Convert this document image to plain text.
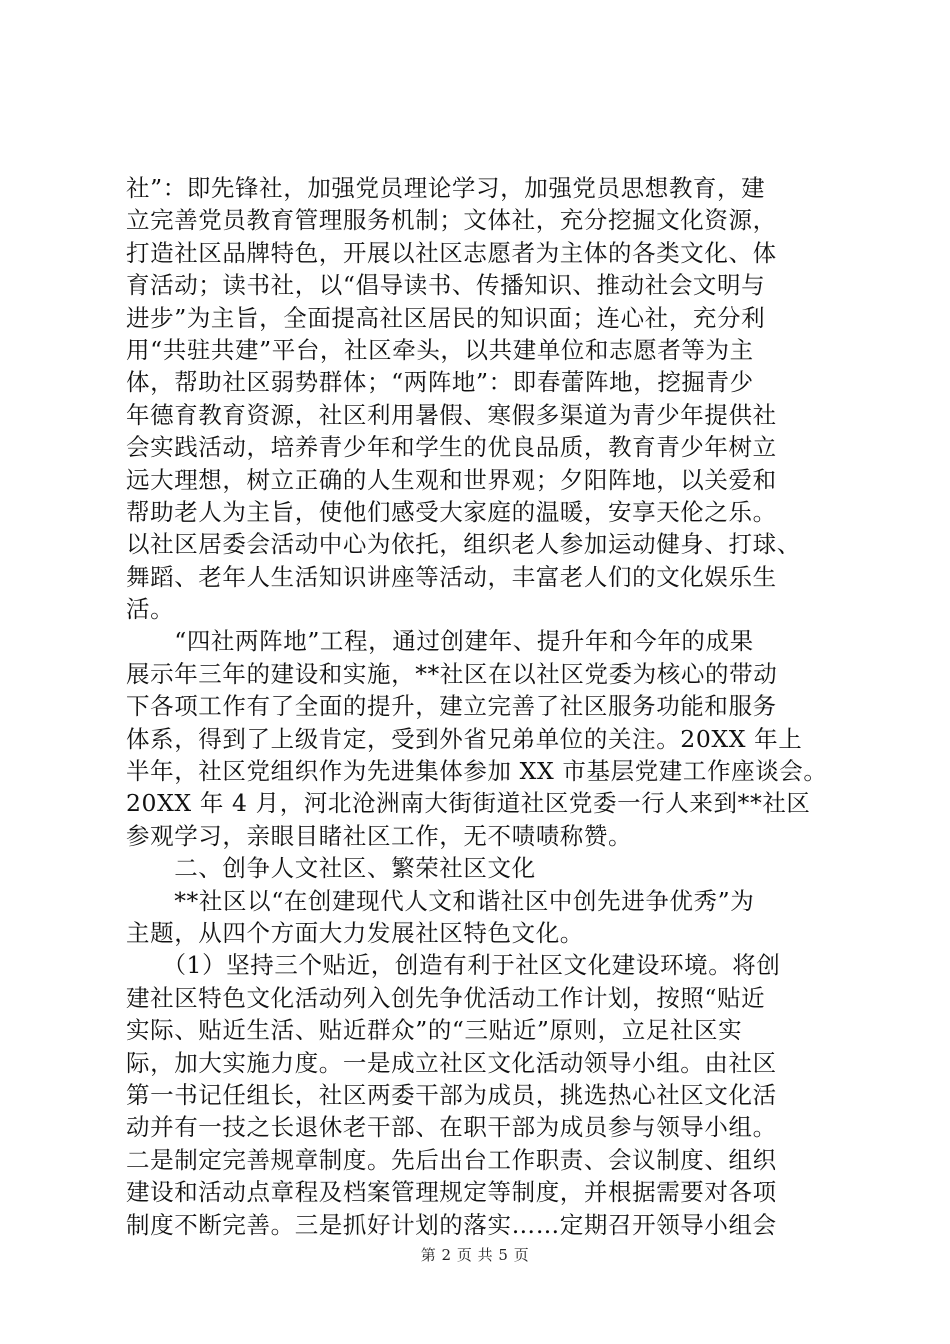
社”：即先锋社，加强党员理论学习，加强党员思想教育，建
立完善党员教育管理服务机制；文体社，充分挖掘文化资源，
打造社区品牌特色，开展以社区志愿者为主体的各类文化、体
育活动；读书社，以“倡导读书、传播知识、推动社会文明与
进步”为主旨，全面提高社区居民的知识面；连心社，充分利
用“共驻共建”平台，社区牵头，以共建单位和志愿者等为主
体，帮助社区弱势群体；“两阵地”：即春蕾阵地，挖掘青少
年德育教育资源，社区利用暑假、寒假多渠道为青少年提供社
会实践活动，培养青少年和学生的优良品质，教育青少年树立
远大理想，树立正确的人生观和世界观；夕阳阵地，以关爱和
帮助老人为主旨，使他们感受大家庭的温暖，安享天伦之乐。
以社区居委会活动中心为依托，组织老人参加运动健身、打球、
舞蹈、老年人生活知识讲座等活动，丰富老人们的文化娱乐生
活。
　　“四社两阵地”工程，通过创建年、提升年和今年的成果
展示年三年的建设和实施，**社区在以社区党委为核心的带动
下各项工作有了全面的提升，建立完善了社区服务功能和服务
体系，得到了上级肯定，受到外省兄弟单位的关注。20XX 年上
半年，社区党组织作为先进集体参加 XX 市基层党建工作座谈会。
20XX 年 4 月，河北沧洲南大街街道社区党委一行人来到**社区
参观学习，亲眼目睹社区工作，无不啧啧称赞。
　　二、创争人文社区、繁荣社区文化
　　**社区以“在创建现代人文和谐社区中创先进争优秀”为
主题，从四个方面大力发展社区特色文化。
　　（1）坚持三个贴近，创造有利于社区文化建设环境。将创
建社区特色文化活动列入创先争优活动工作计划，按照“贴近
实际、贴近生活、贴近群众”的“三贴近”原则，立足社区实
际，加大实施力度。一是成立社区文化活动领导小组。由社区
第一书记任组长，社区两委干部为成员，挑选热心社区文化活
动并有一技之长退休老干部、在职干部为成员参与领导小组。
二是制定完善规章制度。先后出台工作职责、会议制度、组织
建设和活动点章程及档案管理规定等制度，并根据需要对各项
制度不断完善。三是抓好计划的落实……定期召开领导小组会
第 2 页 共 5 页
